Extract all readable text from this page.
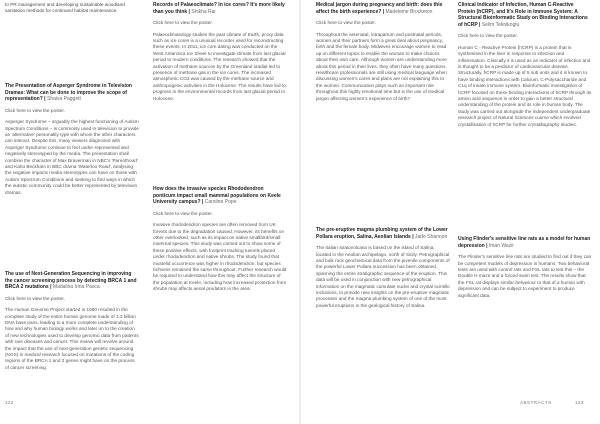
to PR management and developing sustainable woodland sanitation methods for continued habitat maintenance.

The Presentation of Asperger Syndrome in Television Dramas: What can be done to improve the scope of representation? | Shaiva Paggett

Click here to view the poster.

Asperger Syndrome – arguably the highest functioning of Autism Spectrum Conditions – is commonly used in television to provide an 'alternative' personality type with whom the other characters can interact. Despite this, many viewers diagnosed with Asperger Syndrome continue to feel under-represented and negatively stereotyped by the media. The presentation shall combine the character of Max Braverman in NBC's 'Parenthood' and Kahu Beckham in BBC drama 'Waterloo Road', analysing the negative impacts media stereotypes can have on those with Autism Spectrum Conditions and seeking to find ways in which the autistic community could be better represented by television dramas.

The use of Next-Generation Sequencing in improving the cancer screening process by detecting BRCA 1 and BRCA 2 mutations | Madalina Irina Pasca

Click here to view the poster.

The Human Genome Project started in 1990 resulted in the complete study of the entire human genome made of 3.3 billion DNA base pairs, leading to a more complete understanding of how and why human biology works and later on to the creation of new technologies used to develop genomic data from patients with rare diseases and cancer. This review will revolve around the impact that the use of next-generation genetic sequencing (NGS) in medical research focused on mutations of the coding regions of the BRCA 1 and 2 genes might have on the process of cancer screening.

Records of Palaeoclimate? In ice cores? It's more likely than you think | Shikha Rai

Click here to view the poster.

Palaeoclimatology studies the past climate of Earth, proxy data such as ice cores is a unusual recorder used for reconstructing these events. In 2011, ice core dating was conducted on the West Antarctica Ice Sheet to investigate climate from last glacial period to modern conditions. The research showed that the activation of methane sources by the Greenland stadial led to presence of methane gas in the ice cores. The increased atmospheric CO2 was caused by the methane source and anthropogenic activities in the Holocene. The results have led to progress in the environmental records from last glacial period to Holocene.

How does the invasive species Rhododendron ponticum impact small mammal populations on Keele University campus? | Caroline Pope

Click here to view the poster.

Invasive rhododendron species are often removed from UK forests due to the degradation caused. However, its benefits on other overlooked, such as its impact on native smallbird/small mammal species. This study was carried out to show some of these positive effects, with footprint tracking tunnels placed under rhododendron and native shrubs. The study found that mustelid occurrence was higher in rhododendron, but species richness remained the same throughout. Further research would be required to understand how this may affect the structure of the population at Keele, including how increased protection from shrubs may affects aerial predators in the area.

Medical jargon during pregnancy and birth: does this affect the birth experience? | Madeleine Brocketon

Click here to view the poster.

Throughout the antenatal, intrapartum and postnatal periods, women and their partners form a great deal about pregnancy, birth and the female body. Midwives encourage women to read up on different topics to enable the woman to make choices about their own care. Although women are understanding more about this period in their lives, they often have many questions. Healthcare professionals are still using medical language when discussing women's cares and plans are not explaining this to the women. Communication plays such an important role throughout this highly emotional time but is the use of medical jargon affecting women's experience of birth?

The pre-eruptive magma plumbing system of the Lower Pollara eruption, Salina, Aeolian Islands | Jade Shannon

The Italian stratovolcano is based on the island of Salina, located in the Aeolian archipelago, north of Sicily. Petrographical and bulk rock geochemical data from the juvenile components of the powerful Lower Pollara succession has been obtained, spanning the entire stratigraphic sequence of the eruption. This data will be used in conjunction with new petrographical information on the magmatic cumulate nuclei and crystal scintillo inclusions, to provide new insights on the pre-eruptive magmatic processes and the magma plumbing system of one of the most powerful eruptions in the geological history of Salina.

Clinical Indicator of Infection, Human C-Reactive Protein (hCRP), and It's Role in Immune System: A Structural Bioinformatic Study on Binding Interactions of hCRP | Selim Teknikoglu

Click here to view the poster.

Human C - Reactive Protein (hCRP) is a protein that is synthesised in the liver in response to infection and inflammation. Clinically it is used as an indicator of infection and is thought to be a predictor of cardiovascular disease. Structurally, hCRP is made up of 5 sub units and it is known to have binding interactions with Calcium, C-Polysaccharide and C1q of innate immune system. Bioinformatic investigation of hCRP focused on these binding interactions of hCRP through its amino acid sequence in order to gain a better structural understanding of the protein and its role in human body. The study was carried out alongside the independent undergraduate research project of Natural Sciences course which involved crystallisation of hCRP for further crystallography studies.

Using Flinder's sensitive line rats as a model for human depression | Iman Wazir

The Flinder's sensitive line rats are studied to find out if they can be competent models of depression in humans. Two behavioral tests are used with control rats and FSL rats to test this – the Double H maze and a forced swim test. The results show that the FSL rat displays similar behaviour to that of a human with depression and can be subject to experiment to produce significant data.

122	ABSTRACTS	123
